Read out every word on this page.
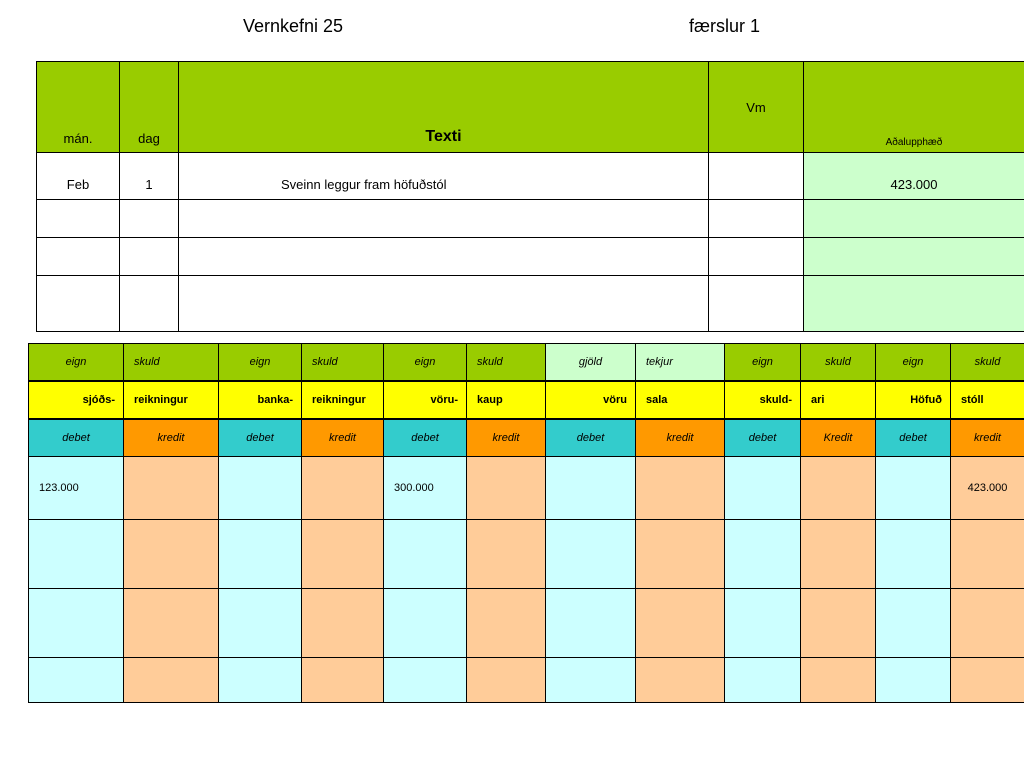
Vernkefni 25	færslur 1
mán.	dag	Texti	Vm	Aðalupphæð
Feb	1	Sveinn leggur fram höfuðstól		423.000

eign	skuld	eign	skuld	eign	skuld	gjöld	tekjur	eign	skuld	eign	skuld
sjóðs-	reikningur	banka-	reikningur	vöru-	kaup	vöru	sala	skuld-	ari	Höfuð	stóll
debet	kredit	debet	kredit	debet	kredit	debet	kredit	debet	Kredit	debet	kredit
123.000				300.000							423.000
